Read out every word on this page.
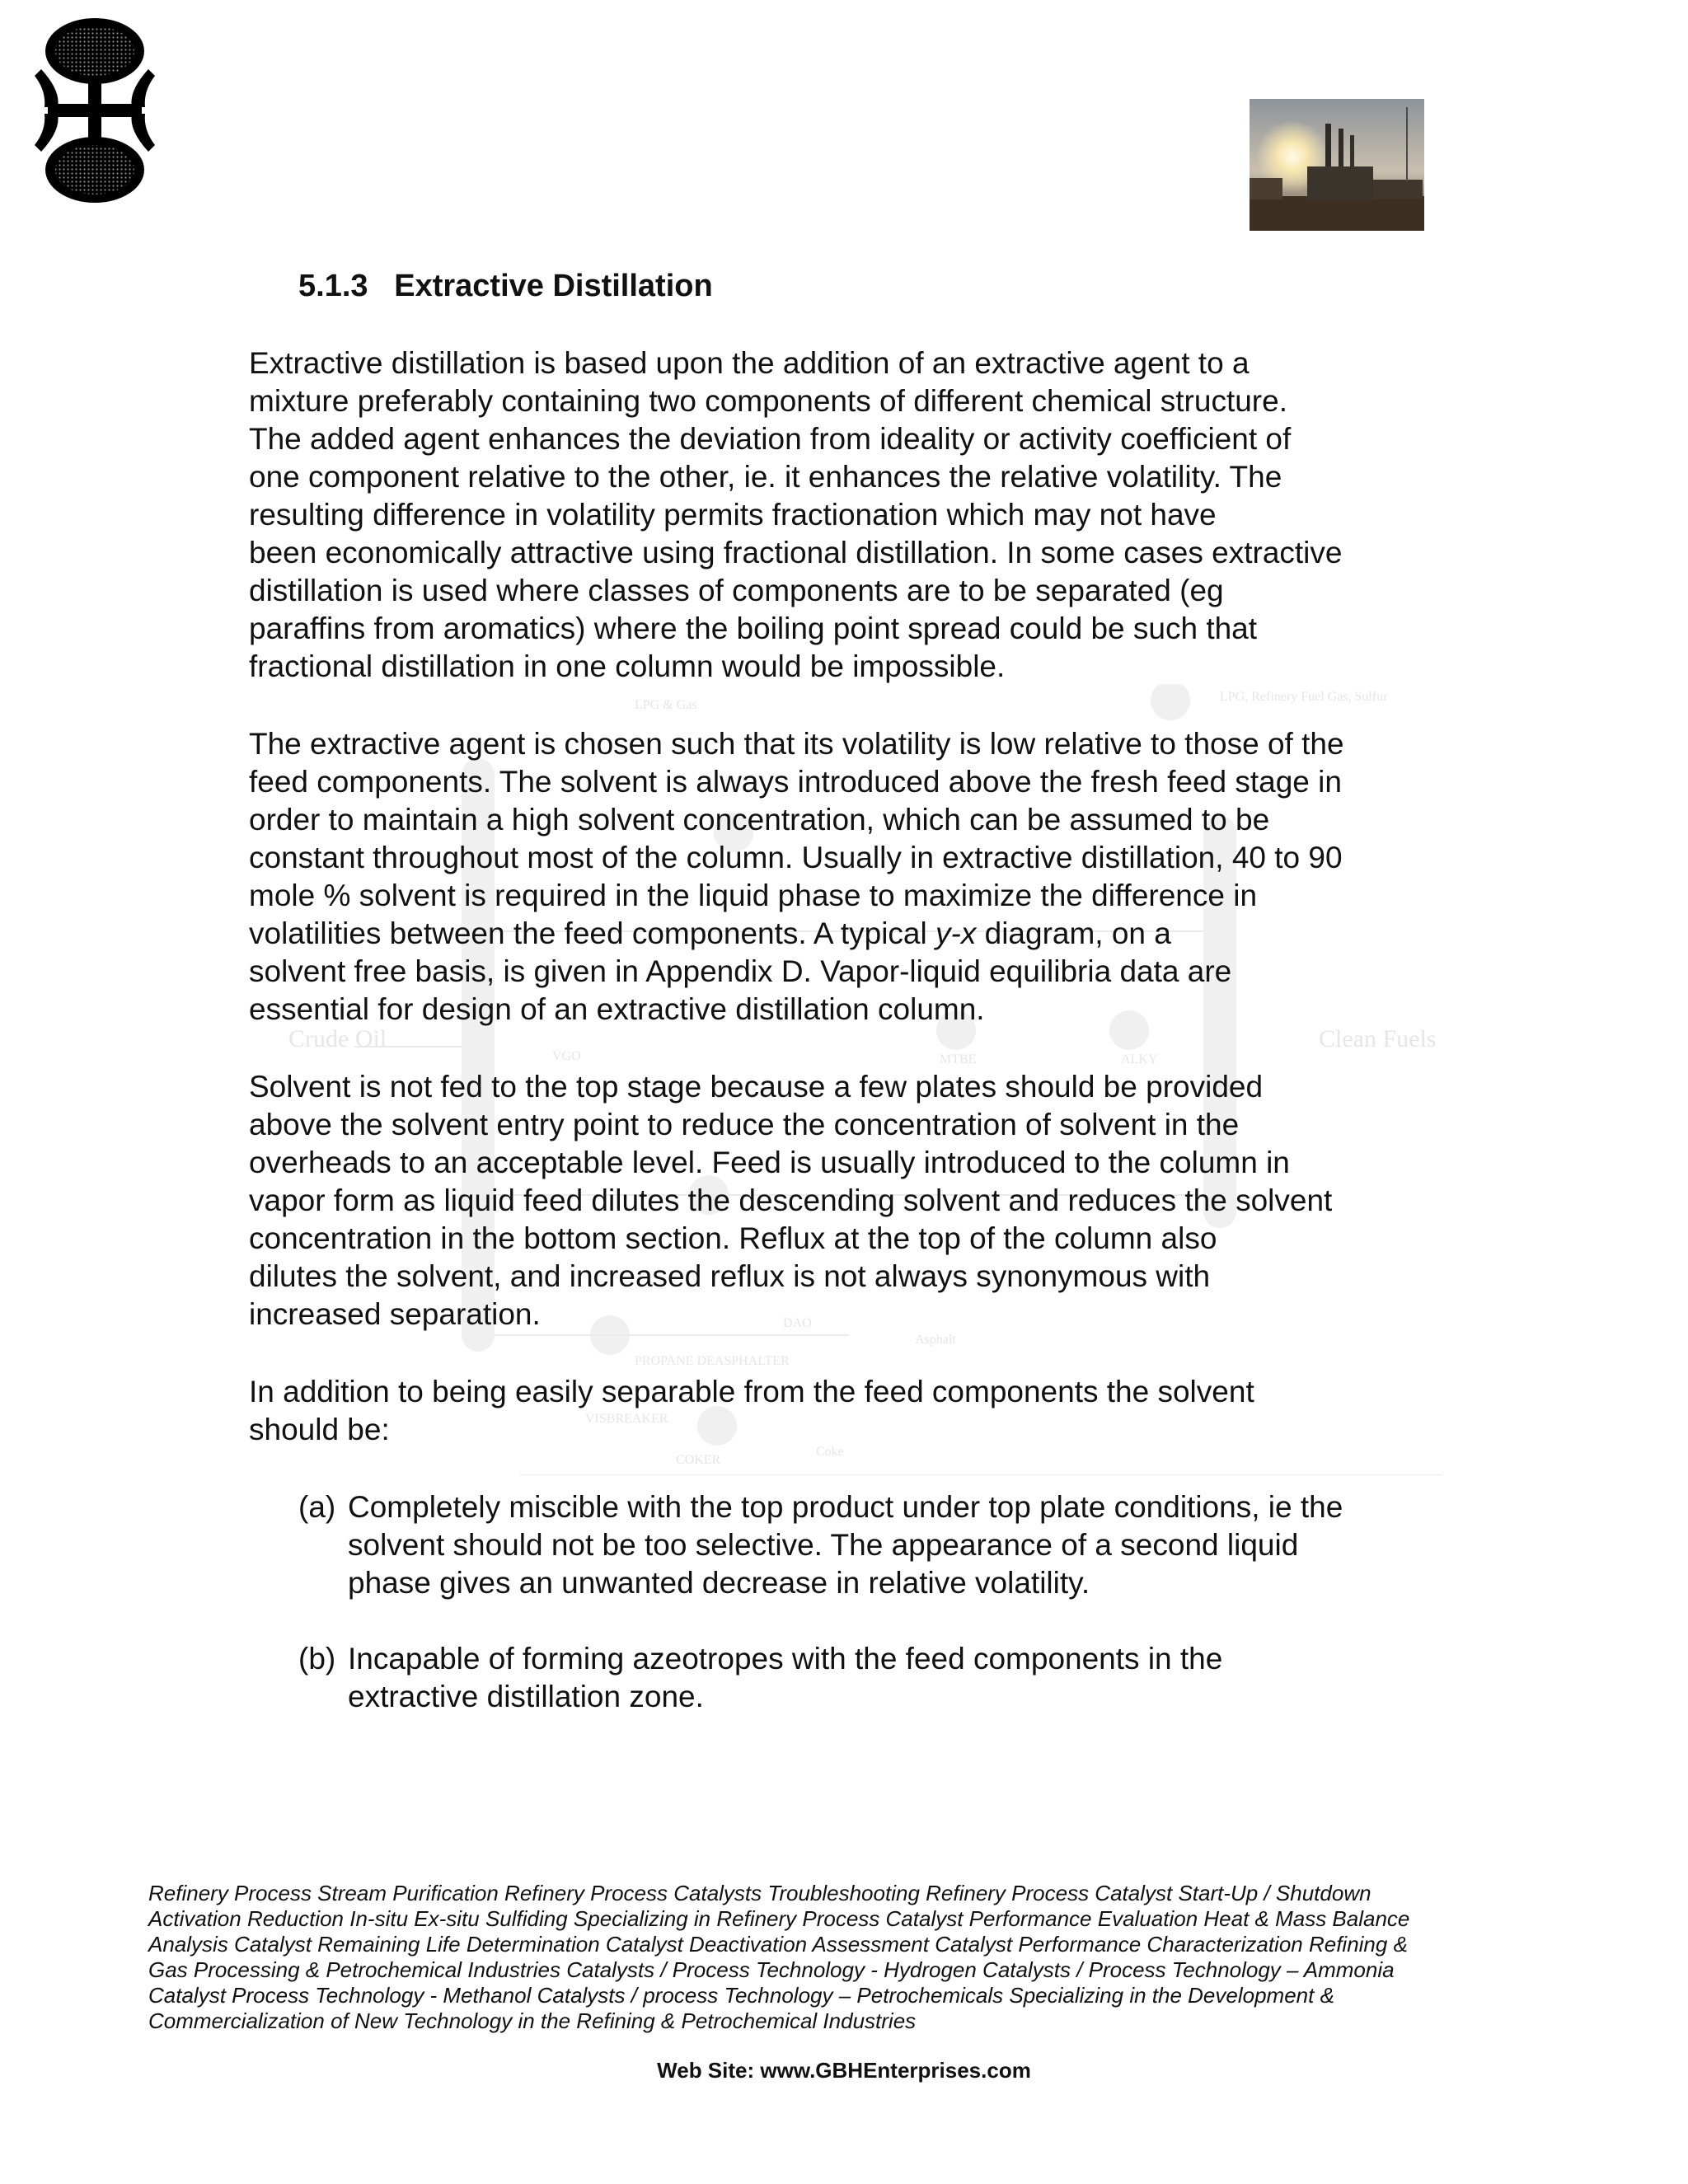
LPG & Gas
LPG, Refinery Fuel Gas, Sulfur
Crude Oil
VGO	MTBE	ALKY
Clean Fuels
DAO
Asphalt
PROPANE DEASPHALTER
VISBREAKER
COKER
Coke
5.1.3 Extractive Distillation
Extractive distillation is based upon the addition of an extractive agent to a
mixture preferably containing two components of different chemical structure.
The added agent enhances the deviation from ideality or activity coefficient of
one component relative to the other, ie. it enhances the relative volatility. The
resulting difference in volatility permits fractionation which may not have
been economically attractive using fractional distillation. In some cases extractive
distillation is used where classes of components are to be separated (eg
paraffins from aromatics) where the boiling point spread could be such that
fractional distillation in one column would be impossible.
The extractive agent is chosen such that its volatility is low relative to those of the
feed components. The solvent is always introduced above the fresh feed stage in
order to maintain a high solvent concentration, which can be assumed to be
constant throughout most of the column. Usually in extractive distillation, 40 to 90
mole % solvent is required in the liquid phase to maximize the difference in
volatilities between the feed components. A typical y-x diagram, on a
solvent free basis, is given in Appendix D. Vapor-liquid equilibria data are
essential for design of an extractive distillation column.
Solvent is not fed to the top stage because a few plates should be provided
above the solvent entry point to reduce the concentration of solvent in the
overheads to an acceptable level. Feed is usually introduced to the column in
vapor form as liquid feed dilutes the descending solvent and reduces the solvent
concentration in the bottom section. Reflux at the top of the column also
dilutes the solvent, and increased reflux is not always synonymous with
increased separation.
In addition to being easily separable from the feed components the solvent
should be:
(a) Completely miscible with the top product under top plate conditions, ie the
solvent should not be too selective. The appearance of a second liquid
phase gives an unwanted decrease in relative volatility.
(b) Incapable of forming azeotropes with the feed components in the
extractive distillation zone.

Refinery Process Stream Purification Refinery Process Catalysts Troubleshooting Refinery Process Catalyst Start-Up / Shutdown Activation Reduction In-situ Ex-situ Sulfiding Specializing in Refinery Process Catalyst Performance Evaluation Heat & Mass Balance Analysis Catalyst Remaining Life Determination Catalyst Deactivation Assessment Catalyst Performance Characterization Refining & Gas Processing & Petrochemical Industries Catalysts / Process Technology - Hydrogen Catalysts / Process Technology – Ammonia Catalyst Process Technology - Methanol Catalysts / process Technology – Petrochemicals Specializing in the Development & Commercialization of New Technology in the Refining & Petrochemical Industries

Web Site: www.GBHEnterprises.com
